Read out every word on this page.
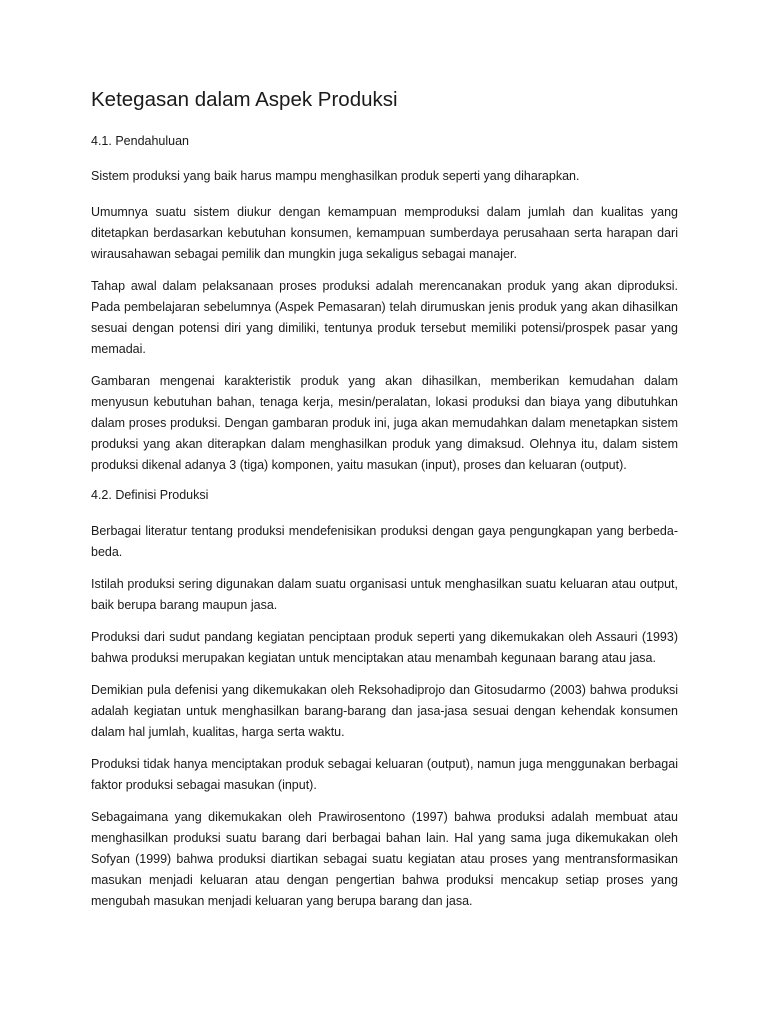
Ketegasan dalam Aspek Produksi
4.1. Pendahuluan

Sistem produksi yang baik harus mampu menghasilkan produk seperti yang diharapkan.

Umumnya suatu sistem diukur dengan kemampuan memproduksi dalam jumlah dan kualitas yang ditetapkan berdasarkan kebutuhan konsumen, kemampuan sumberdaya perusahaan serta harapan dari wirausahawan sebagai pemilik dan mungkin juga sekaligus sebagai manajer.

Tahap awal dalam pelaksanaan proses produksi adalah merencanakan produk yang akan diproduksi. Pada pembelajaran sebelumnya (Aspek Pemasaran) telah dirumuskan jenis produk yang akan dihasilkan sesuai dengan potensi diri yang dimiliki, tentunya produk tersebut memiliki potensi/prospek pasar yang memadai.

Gambaran mengenai karakteristik produk yang akan dihasilkan, memberikan kemudahan dalam menyusun kebutuhan bahan, tenaga kerja, mesin/peralatan, lokasi produksi dan biaya yang dibutuhkan dalam proses produksi. Dengan gambaran produk ini, juga akan memudahkan dalam menetapkan sistem produksi yang akan diterapkan dalam menghasilkan produk yang dimaksud. Olehnya itu, dalam sistem produksi dikenal adanya 3 (tiga) komponen, yaitu masukan (input), proses dan keluaran (output).

4.2. Definisi Produksi

Berbagai literatur tentang produksi mendefenisikan produksi dengan gaya pengungkapan yang berbeda-beda.

Istilah produksi sering digunakan dalam suatu organisasi untuk menghasilkan suatu keluaran atau output, baik berupa barang maupun jasa.

Produksi dari sudut pandang kegiatan penciptaan produk seperti yang dikemukakan oleh Assauri (1993) bahwa produksi merupakan kegiatan untuk menciptakan atau menambah kegunaan barang atau jasa.

Demikian pula defenisi yang dikemukakan oleh Reksohadiprojo dan Gitosudarmo (2003) bahwa produksi adalah kegiatan untuk menghasilkan barang-barang dan jasa-jasa sesuai dengan kehendak konsumen dalam hal jumlah, kualitas, harga serta waktu.

Produksi tidak hanya menciptakan produk sebagai keluaran (output), namun juga menggunakan berbagai faktor produksi sebagai masukan (input).

Sebagaimana yang dikemukakan oleh Prawirosentono (1997) bahwa produksi adalah membuat atau menghasilkan produksi suatu barang dari berbagai bahan lain. Hal yang sama juga dikemukakan oleh Sofyan (1999) bahwa produksi diartikan sebagai suatu kegiatan atau proses yang mentransformasikan masukan menjadi keluaran atau dengan pengertian bahwa produksi mencakup setiap proses yang mengubah masukan menjadi keluaran yang berupa barang dan jasa.
